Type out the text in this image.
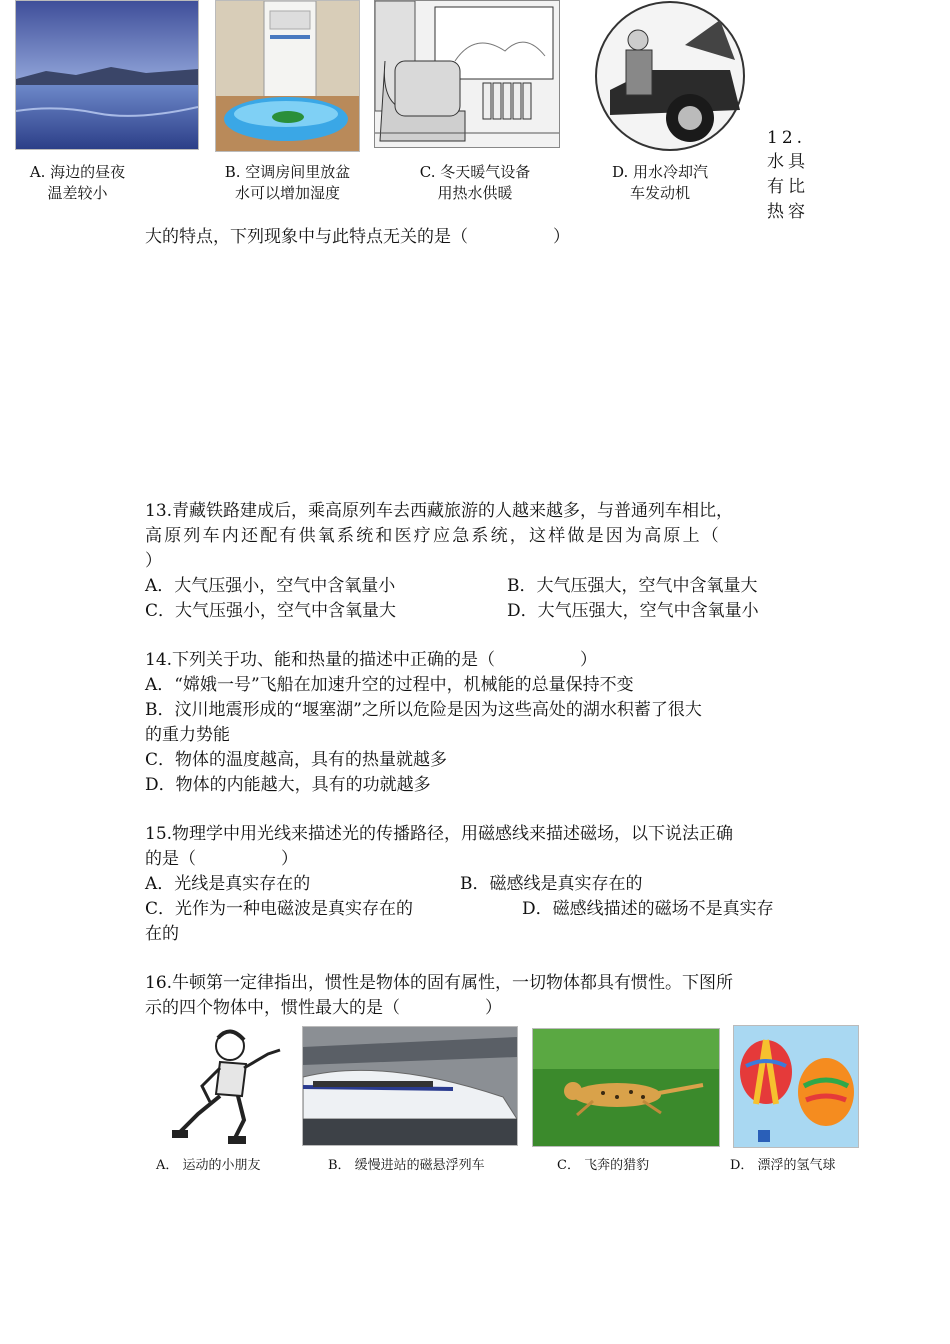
A. 海边的昼夜
温差较小
B. 空调房间里放盆
水可以增加湿度
C. 冬天暖气设备
用热水供暖
D. 用水冷却汽
车发动机
12.
水具
有比
热容
大的特点，下列现象中与此特点无关的是（　　　　　）
13.青藏铁路建成后，乘高原列车去西藏旅游的人越来越多，与普通列车相比，
高原列车内还配有供氧系统和医疗应急系统，这样做是因为高原上（
）
A．大气压强小，空气中含氧量小	B．大气压强大，空气中含氧量大
C．大气压强小，空气中含氧量大	D．大气压强大，空气中含氧量小
14.下列关于功、能和热量的描述中正确的是（　　　　　）
A．“嫦娥一号”飞船在加速升空的过程中，机械能的总量保持不变
B．汶川地震形成的“堰塞湖”之所以危险是因为这些高处的湖水积蓄了很大
的重力势能
C．物体的温度越高，具有的热量就越多
D．物体的内能越大，具有的功就越多
15.物理学中用光线来描述光的传播路径，用磁感线来描述磁场，以下说法正确
的是（　　　　　）
A．光线是真实存在的	B．磁感线是真实存在的
C．光作为一种电磁波是真实存在的	D．磁感线描述的磁场不是真实存
在的
16.牛顿第一定律指出，惯性是物体的固有属性，一切物体都具有惯性。下图所
示的四个物体中，惯性最大的是（　　　　　）
A． 运动的小朋友	B． 缓慢进站的磁悬浮列车	C． 飞奔的猎豹	D． 漂浮的氢气球
